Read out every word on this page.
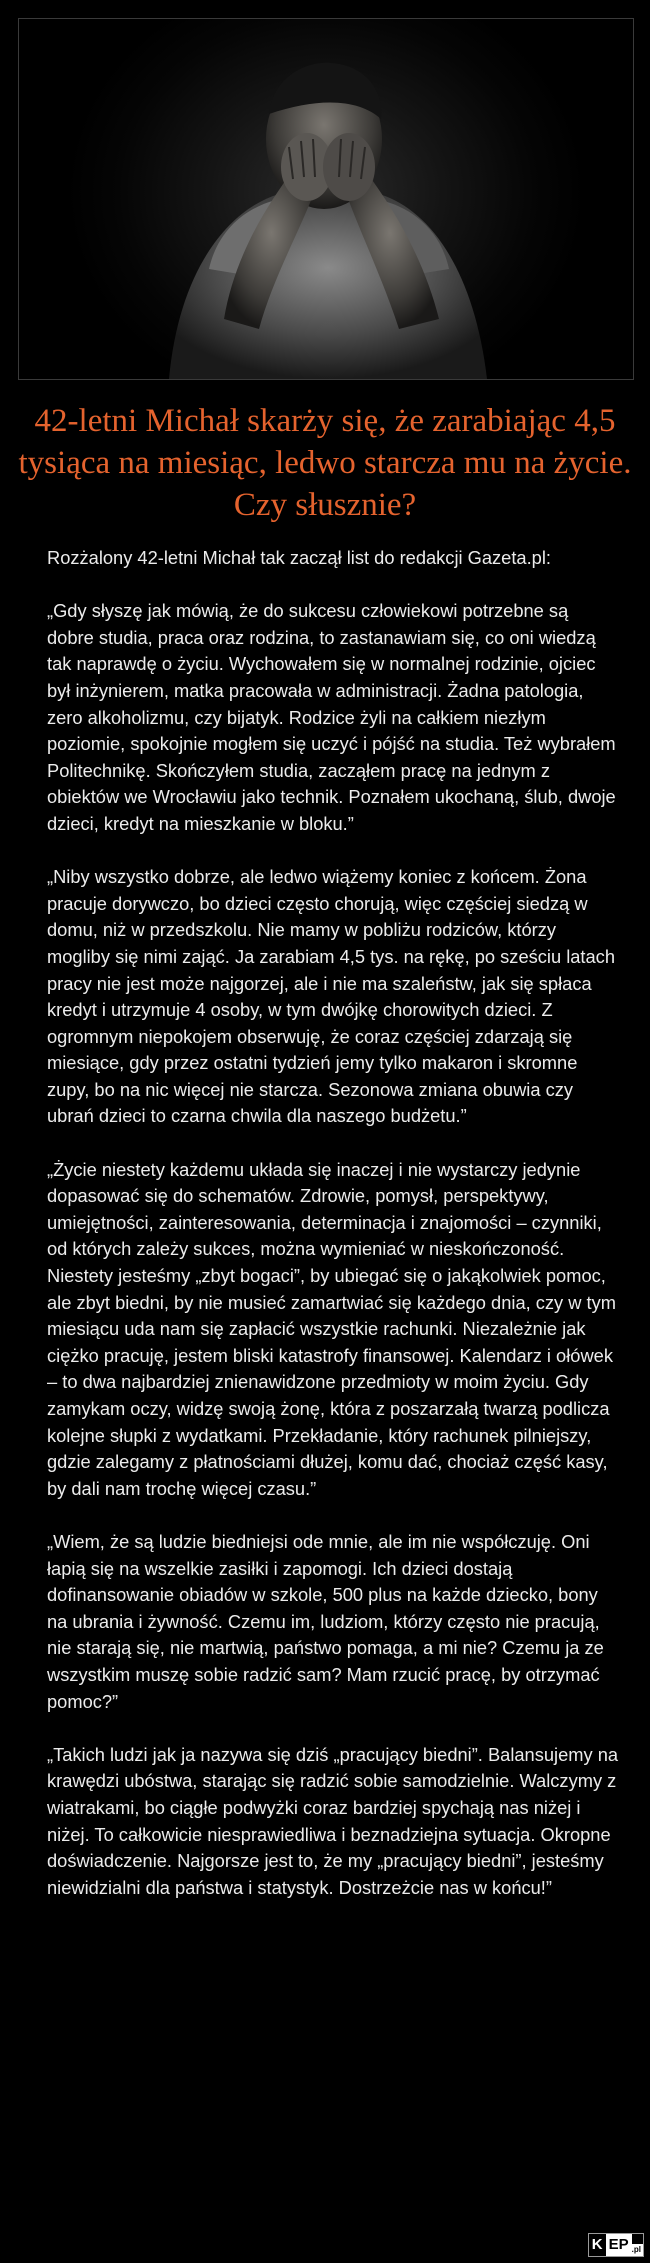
42-letni Michał skarży się, że zarabiając 4,5 tysiąca na miesiąc, ledwo starcza mu na życie. Czy słusznie?

Rozżalony 42-letni Michał tak zaczął list do redakcji Gazeta.pl:

„Gdy słyszę jak mówią, że do sukcesu człowiekowi potrzebne są dobre studia, praca oraz rodzina, to zastanawiam się, co oni wiedzą tak naprawdę o życiu. Wychowałem się w normalnej rodzinie, ojciec był inżynierem, matka pracowała w administracji. Żadna patologia, zero alkoholizmu, czy bijatyk. Rodzice żyli na całkiem niezłym poziomie, spokojnie mogłem się uczyć i pójść na studia. Też wybrałem Politechnikę. Skończyłem studia, zacząłem pracę na jednym z obiektów we Wrocławiu jako technik. Poznałem ukochaną, ślub, dwoje dzieci, kredyt na mieszkanie w bloku.”

„Niby wszystko dobrze, ale ledwo wiążemy koniec z końcem. Żona pracuje dorywczo, bo dzieci często chorują, więc częściej siedzą w domu, niż w przedszkolu. Nie mamy w pobliżu rodziców, którzy mogliby się nimi zająć. Ja zarabiam 4,5 tys. na rękę, po sześciu latach pracy nie jest może najgorzej, ale i nie ma szaleństw, jak się spłaca kredyt i utrzymuje 4 osoby, w tym dwójkę chorowitych dzieci. Z ogromnym niepokojem obserwuję, że coraz częściej zdarzają się miesiące, gdy przez ostatni tydzień jemy tylko makaron i skromne zupy, bo na nic więcej nie starcza. Sezonowa zmiana obuwia czy ubrań dzieci to czarna chwila dla naszego budżetu.”

„Życie niestety każdemu układa się inaczej i nie wystarczy jedynie dopasować się do schematów. Zdrowie, pomysł, perspektywy, umiejętności, zainteresowania, determinacja i znajomości – czynniki, od których zależy sukces, można wymieniać w nieskończoność.
Niestety jesteśmy „zbyt bogaci”, by ubiegać się o jakąkolwiek pomoc, ale zbyt biedni, by nie musieć zamartwiać się każdego dnia, czy w tym miesiącu uda nam się zapłacić wszystkie rachunki. Niezależnie jak ciężko pracuję, jestem bliski katastrofy finansowej. Kalendarz i ołówek – to dwa najbardziej znienawidzone przedmioty w moim życiu. Gdy zamykam oczy, widzę swoją żonę, która z poszarzałą twarzą podlicza kolejne słupki z wydatkami. Przekładanie, który rachunek pilniejszy, gdzie zalegamy z płatnościami dłużej, komu dać, chociaż część kasy, by dali nam trochę więcej czasu.”

„Wiem, że są ludzie biedniejsi ode mnie, ale im nie współczuję. Oni łapią się na wszelkie zasiłki i zapomogi. Ich dzieci dostają dofinansowanie obiadów w szkole, 500 plus na każde dziecko, bony na ubrania i żywność. Czemu im, ludziom, którzy często nie pracują, nie starają się, nie martwią, państwo pomaga, a mi nie? Czemu ja ze wszystkim muszę sobie radzić sam? Mam rzucić pracę, by otrzymać pomoc?”

„Takich ludzi jak ja nazywa się dziś „pracujący biedni”. Balansujemy na krawędzi ubóstwa, starając się radzić sobie samodzielnie. Walczymy z wiatrakami, bo ciągłe podwyżki coraz bardziej spychają nas niżej i niżej. To całkowicie niesprawiedliwa i beznadziejna sytuacja. Okropne doświadczenie. Najgorsze jest to, że my „pracujący biedni”, jesteśmy niewidzialni dla państwa i statystyk. Dostrzeżcie nas w końcu!”

K EP .pl
